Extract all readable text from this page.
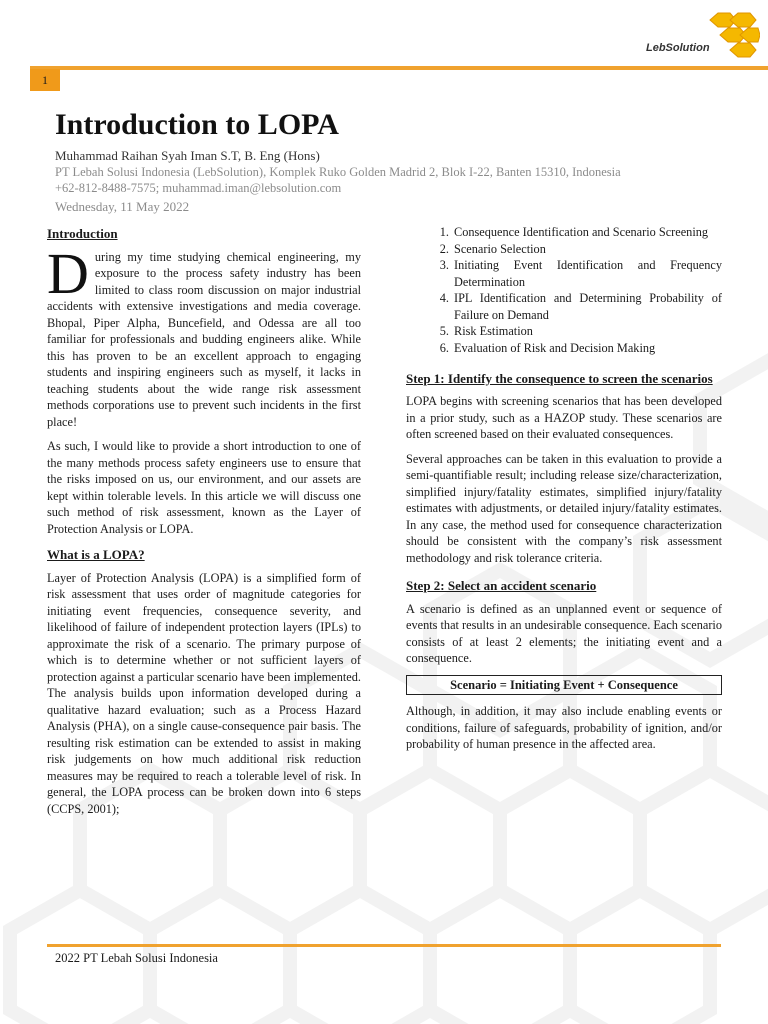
LebSolution
1
Introduction to LOPA
Muhammad Raihan Syah Iman S.T, B. Eng (Hons)
PT Lebah Solusi Indonesia (LebSolution), Komplek Ruko Golden Madrid 2, Blok I-22, Banten 15310, Indonesia
+62-812-8488-7575; muhammad.iman@lebsolution.com
Wednesday, 11 May 2022
Introduction

During my time studying chemical engineering, my exposure to the process safety industry has been limited to class room discussion on major industrial accidents with extensive investigations and media coverage. Bhopal, Piper Alpha, Buncefield, and Odessa are all too familiar for professionals and budding engineers alike. While this has proven to be an excellent approach to engaging students and inspiring engineers such as myself, it lacks in teaching students about the wide range risk assessment methods corporations use to prevent such incidents in the first place!

As such, I would like to provide a short introduction to one of the many methods process safety engineers use to ensure that the risks imposed on us, our environment, and our assets are kept within tolerable levels. In this article we will discuss one such method of risk assessment, known as the Layer of Protection Analysis or LOPA.

What is a LOPA?

Layer of Protection Analysis (LOPA) is a simplified form of risk assessment that uses order of magnitude categories for initiating event frequencies, consequence severity, and likelihood of failure of independent protection layers (IPLs) to approximate the risk of a scenario. The primary purpose of which is to determine whether or not sufficient layers of protection against a particular scenario have been implemented. The analysis builds upon information developed during a qualitative hazard evaluation; such as a Process Hazard Analysis (PHA), on a single cause-consequence pair basis. The resulting risk estimation can be extended to assist in making risk judgements on how much additional risk reduction measures may be required to reach a tolerable level of risk. In general, the LOPA process can be broken down into 6 steps (CCPS, 2001);

1. Consequence Identification and Scenario Screening
2. Scenario Selection
3. Initiating Event Identification and Frequency Determination
4. IPL Identification and Determining Probability of Failure on Demand
5. Risk Estimation
6. Evaluation of Risk and Decision Making
Step 1: Identify the consequence to screen the scenarios

LOPA begins with screening scenarios that has been developed in a prior study, such as a HAZOP study. These scenarios are often screened based on their evaluated consequences.

Several approaches can be taken in this evaluation to provide a semi-quantifiable result; including release size/characterization, simplified injury/fatality estimates, simplified injury/fatality estimates with adjustments, or detailed injury/fatality estimates. In any case, the method used for consequence characterization should be consistent with the company’s risk assessment methodology and risk tolerance criteria.

Step 2: Select an accident scenario

A scenario is defined as an unplanned event or sequence of events that results in an undesirable consequence. Each scenario consists of at least 2 elements; the initiating event and a consequence.

Scenario = Initiating Event + Consequence

Although, in addition, it may also include enabling events or conditions, failure of safeguards, probability of ignition, and/or probability of human presence in the affected area.

2022 PT Lebah Solusi Indonesia
